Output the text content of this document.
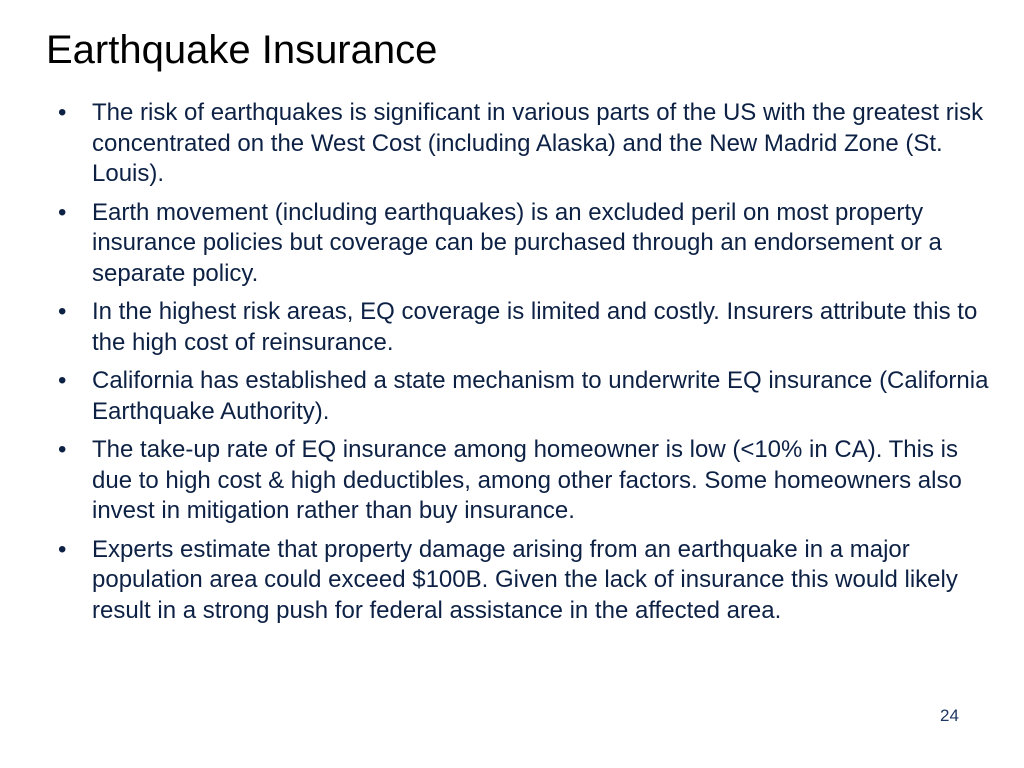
Earthquake Insurance
• The risk of earthquakes is significant in various parts of the US with the greatest risk concentrated on the West Cost (including Alaska) and the New Madrid Zone (St. Louis).
• Earth movement (including earthquakes) is an excluded peril on most property insurance policies but coverage can be purchased through an endorsement or a separate policy.
• In the highest risk areas, EQ coverage is limited and costly. Insurers attribute this to the high cost of reinsurance.
• California has established a state mechanism to underwrite EQ insurance (California Earthquake Authority).
• The take-up rate of EQ insurance among homeowner is low (<10% in CA). This is due to high cost & high deductibles, among other factors. Some homeowners also invest in mitigation rather than buy insurance.
• Experts estimate that property damage arising from an earthquake in a major population area could exceed $100B. Given the lack of insurance this would likely result in a strong push for federal assistance in the affected area.
24
